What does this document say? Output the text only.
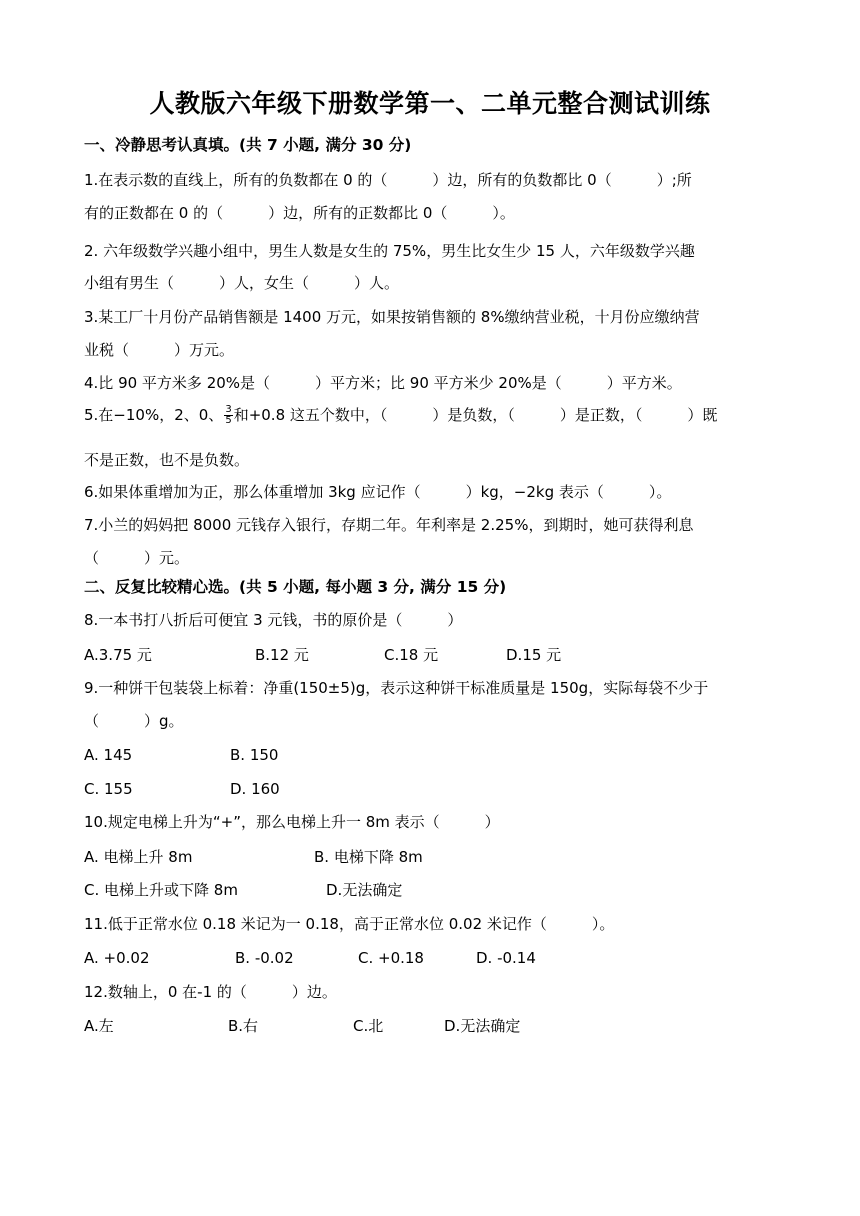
人教版六年级下册数学第一、二单元整合测试训练
一、冷静思考认真填。(共 7 小题, 满分 30 分)
1.在表示数的直线上，所有的负数都在 0 的（　　　）边，所有的负数都比 0（　　　）;所
有的正数都在 0 的（　　　）边，所有的正数都比 0（　　　）。
2. 六年级数学兴趣小组中，男生人数是女生的 75%，男生比女生少 15 人，六年级数学兴趣
小组有男生（　　　）人，女生（　　　）人。
3.某工厂十月份产品销售额是 1400 万元，如果按销售额的 8%缴纳营业税，十月份应缴纳营
业税（　　　）万元。
4.比 90 平方米多 20%是（　　　）平方米；比 90 平方米少 20%是（　　　）平方米。
5.在−10%，2、0、 $\frac{3}{5}$ 和+0.8 这五个数中，（　　　）是负数，（　　　）是正数，（　　　）既
不是正数，也不是负数。
6.如果体重增加为正，那么体重增加 3kg 应记作（　　　）kg，−2kg 表示（　　　）。
7.小兰的妈妈把 8000 元钱存入银行，存期二年。年利率是 2.25%，到期时，她可获得利息
（　　　）元。
二、反复比较精心选。(共 5 小题, 每小题 3 分, 满分 15 分)
8.一本书打八折后可便宜 3 元钱，书的原价是（　　　）
A.3.75 元	B.12 元	C.18 元	D.15 元
9.一种饼干包装袋上标着：净重(150±5)g，表示这种饼干标准质量是 150g，实际每袋不少于
（　　　）g。
A. 145	B. 150
C. 155	D. 160
10.规定电梯上升为“+”，那么电梯上升一 8m 表示（　　　）
A. 电梯上升 8m	B. 电梯下降 8m
C. 电梯上升或下降 8m	D.无法确定
11.低于正常水位 0.18 米记为一 0.18，高于正常水位 0.02 米记作（　　　）。
A. +0.02	B. -0.02	C. +0.18	D. -0.14
12.数轴上，0 在-1 的（　　　）边。
A.左	B.右	C.北	D.无法确定
